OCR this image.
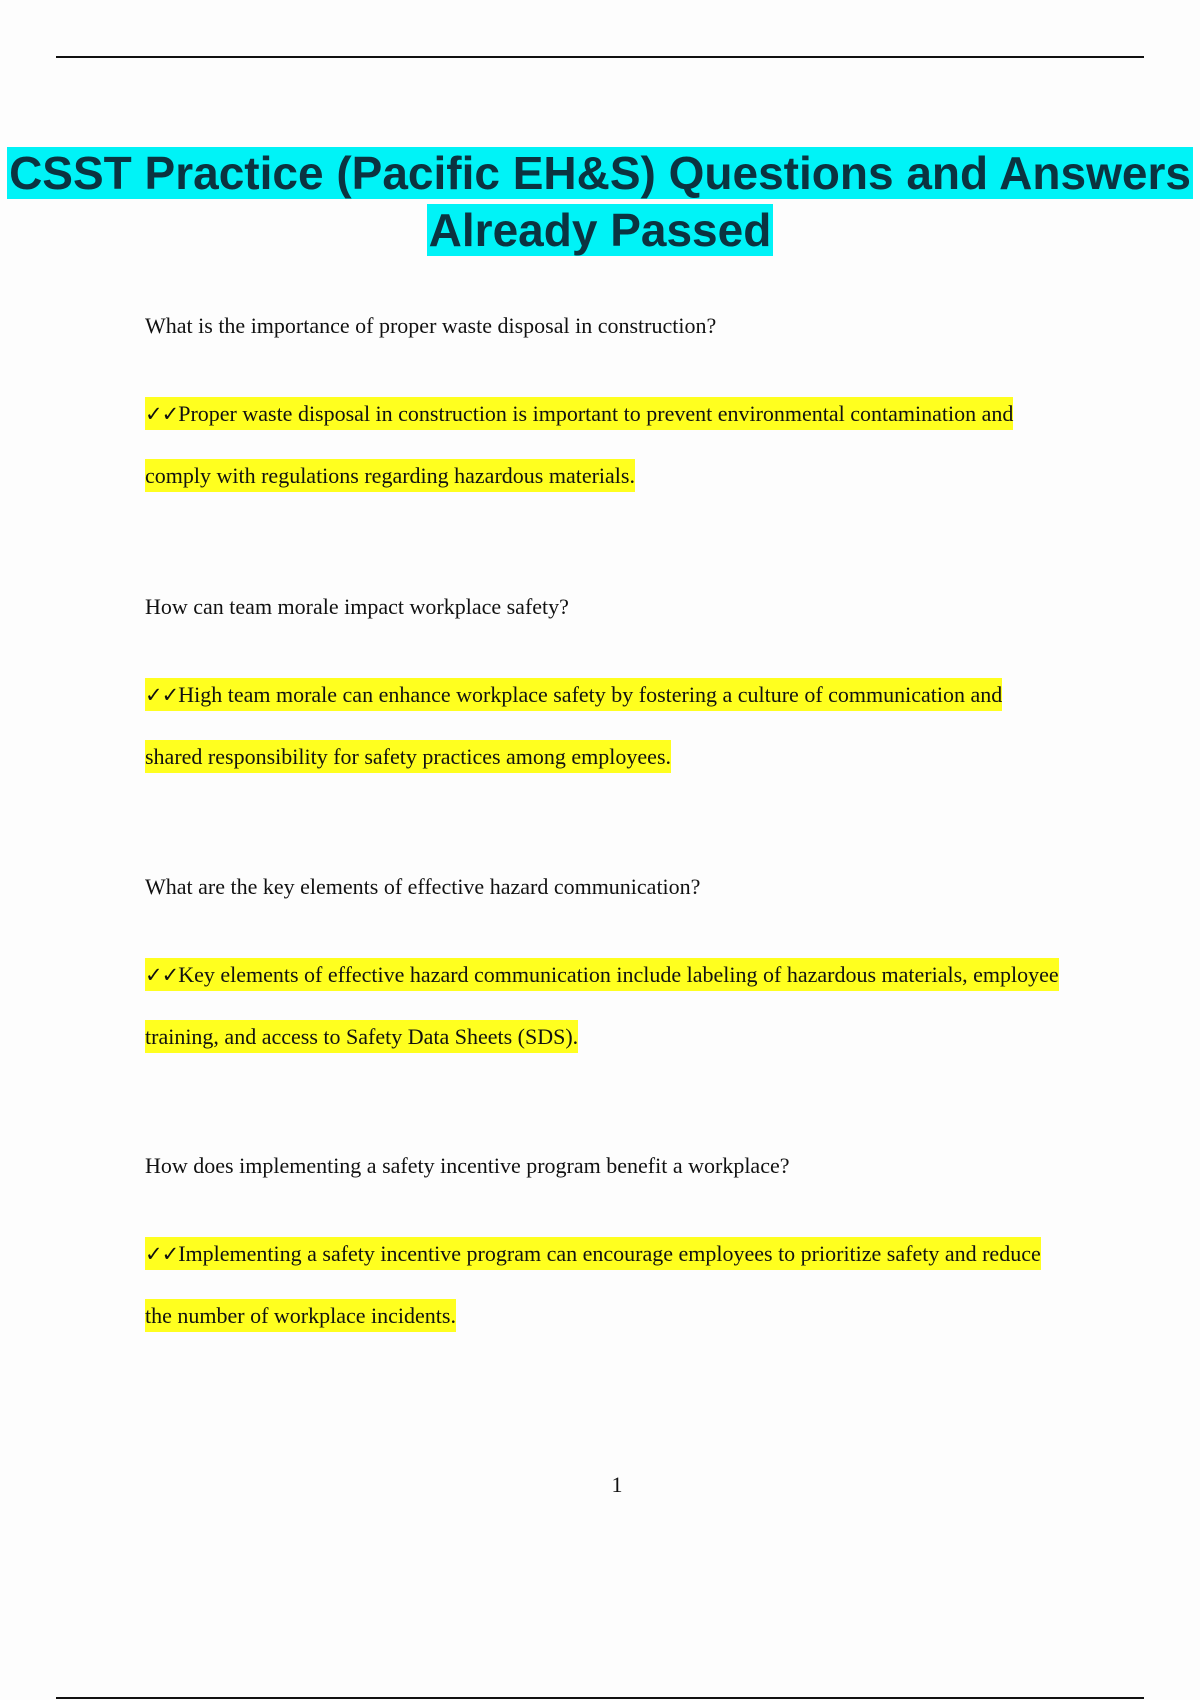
CSST Practice (Pacific EH&S) Questions and Answers Already Passed

What is the importance of proper waste disposal in construction?

✓✓Proper waste disposal in construction is important to prevent environmental contamination and comply with regulations regarding hazardous materials.

How can team morale impact workplace safety?

✓✓High team morale can enhance workplace safety by fostering a culture of communication and shared responsibility for safety practices among employees.

What are the key elements of effective hazard communication?

✓✓Key elements of effective hazard communication include labeling of hazardous materials, employee training, and access to Safety Data Sheets (SDS).

How does implementing a safety incentive program benefit a workplace?

✓✓Implementing a safety incentive program can encourage employees to prioritize safety and reduce the number of workplace incidents.

1
